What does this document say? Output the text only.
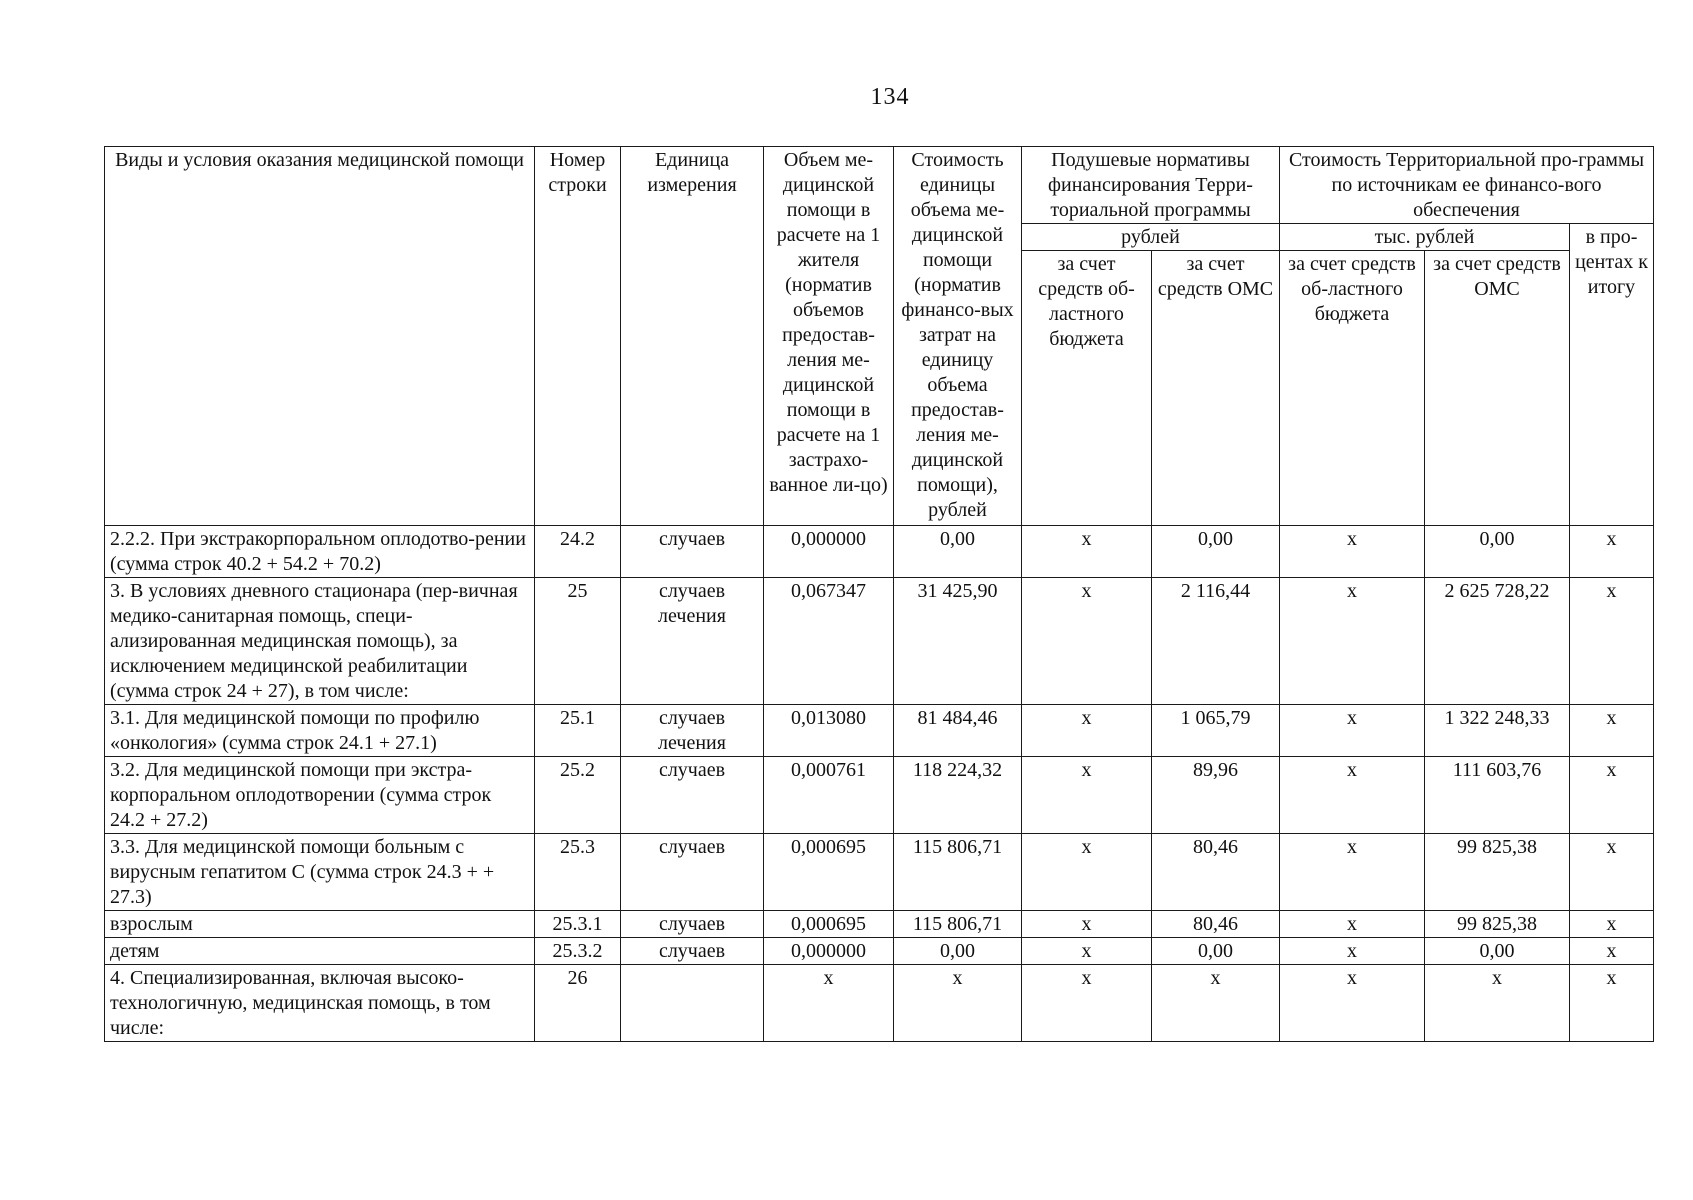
134
Виды и условия оказания медицинской помощи	Номер строки	Единица измерения	Объем ме-дицинской помощи в расчете на 1 жителя (норматив объемов предостав-ления ме-дицинской помощи в расчете на 1 застрахо-ванное ли-цо)	Стоимость единицы объема ме-дицинской помощи (норматив финансо-вых затрат на единицу объема предостав-ления ме-дицинской помощи), рублей	Подушевые нормативы финансирования Терри-ториальной программы		Стоимость Территориальной про-граммы по источникам ее финансо-вого обеспечения		
					рублей		тыс. рублей		в про-центах к итогу
					за счет средств об-ластного бюджета	за счет средств ОМС	за счет средств об-ластного бюджета	за счет средств ОМС	
2.2.2. При экстракорпоральном оплодотво-рении (сумма строк 40.2 + 54.2 + 70.2)	24.2	случаев	0,000000	0,00	х	0,00	х	0,00	х
3. В условиях дневного стационара (пер-вичная медико-санитарная помощь, специ-ализированная медицинская помощь), за исключением медицинской реабилитации (сумма строк 24 + 27), в том числе:	25	случаев лечения	0,067347	31 425,90	х	2 116,44	х	2 625 728,22	х
3.1. Для медицинской помощи по профилю «онкология» (сумма строк 24.1 + 27.1)	25.1	случаев лечения	0,013080	81 484,46	х	1 065,79	х	1 322 248,33	х
3.2. Для медицинской помощи при экстра-корпоральном оплодотворении (сумма строк 24.2 + 27.2)	25.2	случаев	0,000761	118 224,32	х	89,96	х	111 603,76	х
3.3. Для медицинской помощи больным с вирусным гепатитом С (сумма строк 24.3 + + 27.3)	25.3	случаев	0,000695	115 806,71	х	80,46	х	99 825,38	х
взрослым	25.3.1	случаев	0,000695	115 806,71	х	80,46	х	99 825,38	х
детям	25.3.2	случаев	0,000000	0,00	х	0,00	х	0,00	х
4. Специализированная, включая высоко-технологичную, медицинская помощь, в том числе:	26		х	х	х	х	х	х	х
